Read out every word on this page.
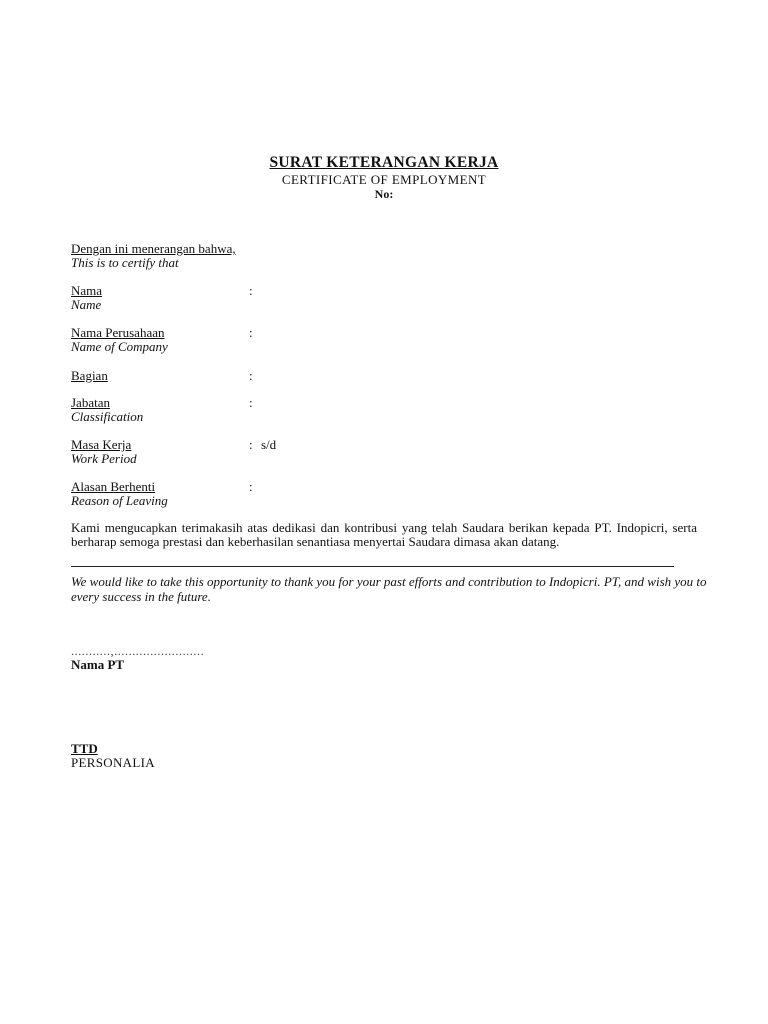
SURAT KETERANGAN KERJA
CERTIFICATE OF EMPLOYMENT
No:
Dengan ini menerangan bahwa,
This is to certify that
Nama
Name
:
Nama Perusahaan
Name of Company
:
Bagian	:
Jabatan
Classification
:
Masa Kerja
Work Period
: s/d
Alasan Berhenti
Reason of Leaving
:
Kami mengucapkan terimakasih atas dedikasi dan kontribusi yang telah Saudara berikan kepada PT. Indopicri, serta berharap semoga prestasi dan keberhasilan senantiasa menyertai Saudara dimasa akan datang.
We would like to take this opportunity to thank you for your past efforts and contribution to Indopicri. PT, and wish you to every success in the future.
...........,.........................
Nama PT
TTD
PERSONALIA
